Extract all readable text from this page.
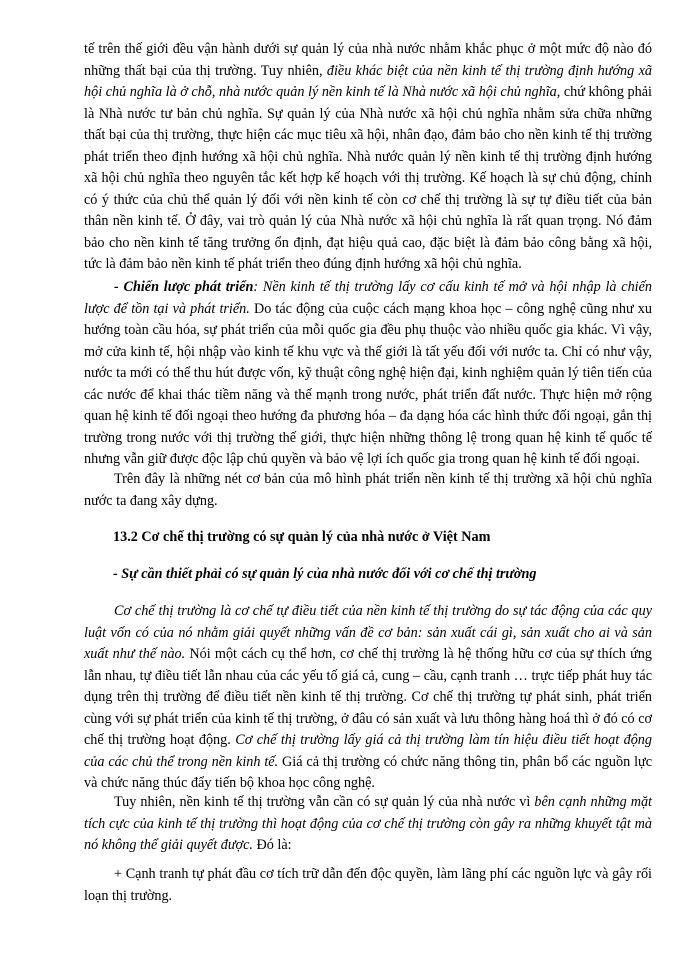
tế trên thế giới đều vận hành dưới sự quản lý của nhà nước nhằm khắc phục ở một mức độ nào đó những thất bại của thị trường. Tuy nhiên, điều khác biệt của nền kinh tế thị trường định hướng xã hội chủ nghĩa là ở chỗ, nhà nước quản lý nền kinh tế là Nhà nước xã hội chủ nghĩa, chứ không phải là Nhà nước tư bản chủ nghĩa. Sự quản lý của Nhà nước xã hội chủ nghĩa nhằm sửa chữa những thất bại của thị trường, thực hiện các mục tiêu xã hội, nhân đạo, đảm bảo cho nền kinh tế thị trường phát triển theo định hướng xã hội chủ nghĩa. Nhà nước quản lý nền kinh tế thị trường định hướng xã hội chủ nghĩa theo nguyên tắc kết hợp kế hoạch với thị trường. Kế hoạch là sự chủ động, chỉnh có ý thức của chủ thể quản lý đối với nền kinh tế còn cơ chế thị trường là sự tự điều tiết của bản thân nền kinh tế. Ở đây, vai trò quản lý của Nhà nước xã hội chủ nghĩa là rất quan trọng. Nó đảm bảo cho nền kinh tế tăng trưởng ổn định, đạt hiệu quả cao, đặc biệt là đảm bảo công bằng xã hội, tức là đảm bảo nền kinh tế phát triển theo đúng định hướng xã hội chủ nghĩa.

- Chiến lược phát triển: Nền kinh tế thị trường lấy cơ cấu kinh tế mở và hội nhập là chiến lược để tồn tại và phát triển. Do tác động của cuộc cách mạng khoa học – công nghệ cũng như xu hướng toàn cầu hóa, sự phát triển của mỗi quốc gia đều phụ thuộc vào nhiều quốc gia khác. Vì vậy, mở cửa kinh tế, hội nhập vào kinh tế khu vực và thế giới là tất yếu đối với nước ta. Chỉ có như vậy, nước ta mới có thể thu hút được vốn, kỹ thuật công nghệ hiện đại, kinh nghiệm quản lý tiên tiến của các nước để khai thác tiềm năng và thế mạnh trong nước, phát triển đất nước. Thực hiện mở rộng quan hệ kinh tế đối ngoại theo hướng đa phương hóa – đa dạng hóa các hình thức đối ngoại, gắn thị trường trong nước với thị trường thế giới, thực hiện những thông lệ trong quan hệ kinh tế quốc tế nhưng vẫn giữ được độc lập chủ quyền và bảo vệ lợi ích quốc gia trong quan hệ kinh tế đối ngoại.

Trên đây là những nét cơ bản của mô hình phát triển nền kinh tế thị trường xã hội chủ nghĩa nước ta đang xây dựng.

13.2 Cơ chế thị trường có sự quản lý của nhà nước ở Việt Nam
- Sự cần thiết phải có sự quản lý của nhà nước đối với cơ chế thị trường

Cơ chế thị trường là cơ chế tự điều tiết của nền kinh tế thị trường do sự tác động của các quy luật vốn có của nó nhằm giải quyết những vấn đề cơ bản: sản xuất cái gì, sản xuất cho ai và sản xuất như thế nào. Nói một cách cụ thể hơn, cơ chế thị trường là hệ thống hữu cơ của sự thích ứng lẫn nhau, tự điều tiết lẫn nhau của các yếu tố giá cả, cung – cầu, cạnh tranh … trực tiếp phát huy tác dụng trên thị trường để điều tiết nền kinh tế thị trường. Cơ chế thị trường tự phát sinh, phát triển cùng với sự phát triển của kinh tế thị trường, ở đâu có sản xuất và lưu thông hàng hoá thì ở đó có cơ chế thị trường hoạt động. Cơ chế thị trường lấy giá cả thị trường làm tín hiệu điều tiết hoạt động của các chủ thể trong nền kinh tế. Giá cả thị trường có chức năng thông tin, phân bổ các nguồn lực và chức năng thúc đẩy tiến bộ khoa học công nghệ.

Tuy nhiên, nền kinh tế thị trường vẫn cần có sự quản lý của nhà nước vì bên cạnh những mặt tích cực của kinh tế thị trường thì hoạt động của cơ chế thị trường còn gây ra những khuyết tật mà nó không thể giải quyết được. Đó là:

+ Cạnh tranh tự phát đầu cơ tích trữ dẫn đến độc quyền, làm lãng phí các nguồn lực và gây rối loạn thị trường.
